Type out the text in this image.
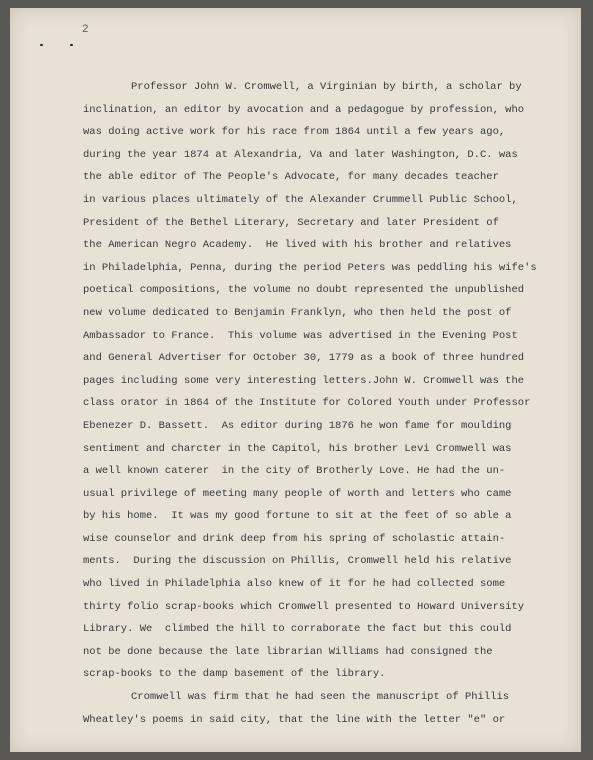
2
Professor John W. Cromwell, a Virginian by birth, a scholar by
inclination, an editor by avocation and a pedagogue by profession, who
was doing active work for his race from 1864 until a few years ago,
during the year 1874 at Alexandria, Va and later Washington, D.C. was
the able editor of The People's Advocate, for many decades teacher
in various places ultimately of the Alexander Crummell Public School,
President of the Bethel Literary, Secretary and later President of
the American Negro Academy.  He lived with his brother and relatives
in Philadelphia, Penna, during the period Peters was peddling his wife's
poetical compositions, the volume no doubt represented the unpublished
new volume dedicated to Benjamin Franklyn, who then held the post of
Ambassador to France.  This volume was advertised in the Evening Post
and General Advertiser for October 30, 1779 as a book of three hundred
pages including some very interesting letters.John W. Cromwell was the
class orator in 1864 of the Institute for Colored Youth under Professor
Ebenezer D. Bassett.  As editor during 1876 he won fame for moulding
sentiment and charcter in the Capitol, his brother Levi Cromwell was
a well known caterer  in the city of Brotherly Love. He had the un-
usual privilege of meeting many people of worth and letters who came
by his home.  It was my good fortune to sit at the feet of so able a
wise counselor and drink deep from his spring of scholastic attain-
ments.  During the discussion on Phillis, Cromwell held his relative
who lived in Philadelphia also knew of it for he had collected some
thirty folio scrap-books which Cromwell presented to Howard University
Library. We  climbed the hill to corraborate the fact but this could
not be done because the late librarian Williams had consigned the
scrap-books to the damp basement of the library.
Cromwell was firm that he had seen the manuscript of Phillis
Wheatley's poems in said city, that the line with the letter "e" or
